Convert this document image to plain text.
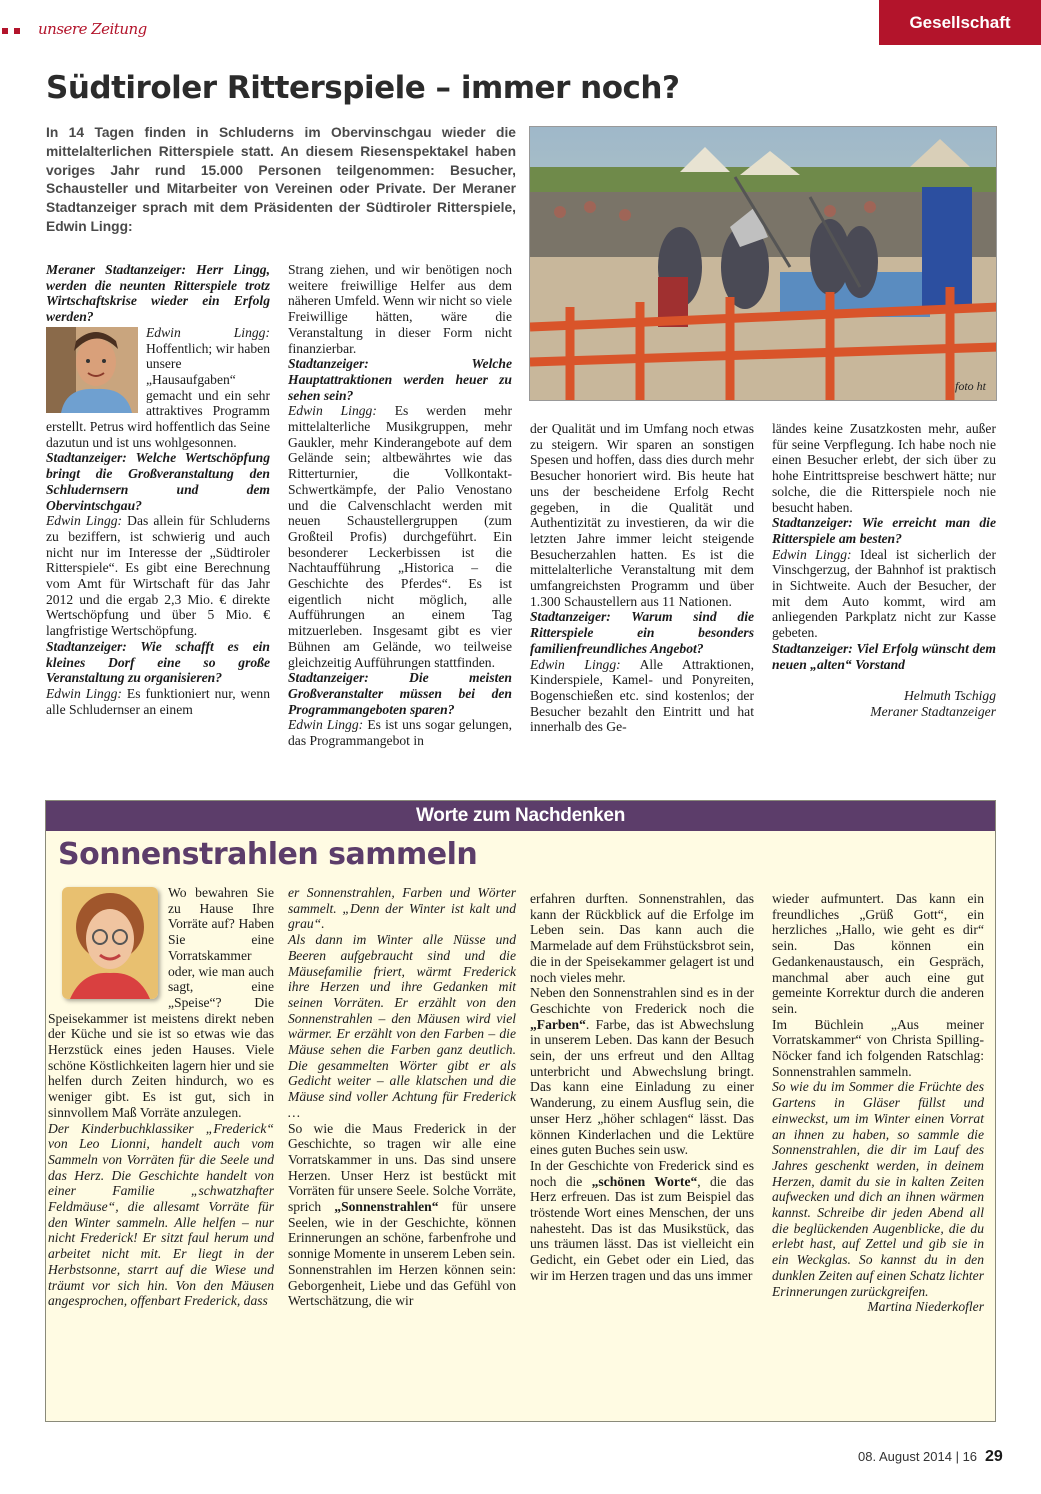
unsere Zeitung	Gesellschaft
Südtiroler Ritterspiele – immer noch?

In 14 Tagen finden in Schluderns im Obervinschgau wieder die mittelalterlichen Ritterspiele statt. An diesem Riesenspektakel haben voriges Jahr rund 15.000 Personen teilgenommen: Besucher, Schausteller und Mitarbeiter von Vereinen oder Private. Der Meraner Stadtanzeiger sprach mit dem Präsidenten der Südtiroler Ritterspiele, Edwin Lingg:

foto ht

Meraner Stadtanzeiger: Herr Lingg, werden die neunten Ritterspiele trotz Wirtschaftskrise wieder ein Erfolg werden?

Edwin Lingg: Hoffentlich; wir haben unsere „Hausaufgaben“ gemacht und ein sehr attraktives Programm erstellt. Petrus wird hoffentlich das Seine dazutun und ist uns wohlgesonnen.

Stadtanzeiger: Welche Wertschöpfung bringt die Großveranstaltung den Schludernsern und dem Obervintschgau?

Edwin Lingg: Das allein für Schluderns zu beziffern, ist schwierig und auch nicht nur im Interesse der „Südtiroler Ritterspiele“. Es gibt eine Berechnung vom Amt für Wirtschaft für das Jahr 2012 und die ergab 2,3 Mio. € direkte Wertschöpfung und über 5 Mio. € langfristige Wertschöpfung.

Stadtanzeiger: Wie schafft es ein kleines Dorf eine so große Veranstaltung zu organisieren?

Edwin Lingg: Es funktioniert nur, wenn alle Schludernser an einem

Strang ziehen, und wir benötigen noch weitere freiwillige Helfer aus dem näheren Umfeld. Wenn wir nicht so viele Freiwillige hätten, wäre die Veranstaltung in dieser Form nicht finanzierbar.

Stadtanzeiger: Welche Hauptattraktionen werden heuer zu sehen sein?

Edwin Lingg: Es werden mehr mittelalterliche Musikgruppen, mehr Gaukler, mehr Kinderangebote auf dem Gelände sein; altbewährtes wie das Ritterturnier, die Vollkontakt-Schwertkämpfe, der Palio Venostano und die Calvenschlacht werden mit neuen Schaustellergruppen (zum Großteil Profis) durchgeführt. Ein besonderer Leckerbissen ist die Nachtaufführung „Historica – die Geschichte des Pferdes“. Es ist eigentlich nicht möglich, alle Aufführungen an einem Tag mitzuerleben. Insgesamt gibt es vier Bühnen am Gelände, wo teilweise gleichzeitig Aufführungen stattfinden.

Stadtanzeiger: Die meisten Großveranstalter müssen bei den Programmangeboten sparen?

Edwin Lingg: Es ist uns sogar gelungen, das Programmangebot in

der Qualität und im Umfang noch etwas zu steigern. Wir sparen an sonstigen Spesen und hoffen, dass dies durch mehr Besucher honoriert wird. Bis heute hat uns der bescheidene Erfolg Recht gegeben, in die Qualität und Authentizität zu investieren, da wir die letzten Jahre immer leicht steigende Besucherzahlen hatten. Es ist die mittelalterliche Veranstaltung mit dem umfangreichsten Programm und über 1.300 Schaustellern aus 11 Nationen.

Stadtanzeiger: Warum sind die Ritterspiele ein besonders familienfreundliches Angebot?

Edwin Lingg: Alle Attraktionen, Kinderspiele, Kamel- und Ponyreiten, Bogenschießen etc. sind kostenlos; der Besucher bezahlt den Eintritt und hat innerhalb des Ge-

ländes keine Zusatzkosten mehr, außer für seine Verpflegung. Ich habe noch nie einen Besucher erlebt, der sich über zu hohe Eintrittspreise beschwert hätte; nur solche, die die Ritterspiele noch nie besucht haben.

Stadtanzeiger: Wie erreicht man die Ritterspiele am besten?

Edwin Lingg: Ideal ist sicherlich der Vinschgerzug, der Bahnhof ist praktisch in Sichtweite. Auch der Besucher, der mit dem Auto kommt, wird am anliegenden Parkplatz nicht zur Kasse gebeten.

Stadtanzeiger: Viel Erfolg wünscht dem neuen „alten“ Vorstand

Helmuth Tschigg

Meraner Stadtanzeiger

Worte zum Nachdenken
Sonnenstrahlen sammeln

Wo bewahren Sie zu Hause Ihre Vorräte auf? Haben Sie eine Vorratskammer oder, wie man auch sagt, eine „Speise“? Die Speisekammer ist meistens direkt neben der Küche und sie ist so etwas wie das Herzstück eines jeden Hauses. Viele schöne Köstlichkeiten lagern hier und sie helfen durch Zeiten hindurch, wo es weniger gibt. Es ist gut, sich in sinnvollem Maß Vorräte anzulegen.

Der Kinderbuchklassiker „Frederick“ von Leo Lionni, handelt auch vom Sammeln von Vorräten für die Seele und das Herz. Die Geschichte handelt von einer Familie „schwatzhafter Feldmäuse“, die allesamt Vorräte für den Winter sammeln. Alle helfen – nur nicht Frederick! Er sitzt faul herum und arbeitet nicht mit. Er liegt in der Herbstsonne, starrt auf die Wiese und träumt vor sich hin. Von den Mäusen angesprochen, offenbart Frederick, dass

er Sonnenstrahlen, Farben und Wörter sammelt. „Denn der Winter ist kalt und grau“.

Als dann im Winter alle Nüsse und Beeren aufgebraucht sind und die Mäusefamilie friert, wärmt Frederick ihre Herzen und ihre Gedanken mit seinen Vorräten. Er erzählt von den Sonnenstrahlen – den Mäusen wird viel wärmer. Er erzählt von den Farben – die Mäuse sehen die Farben ganz deutlich. Die gesammelten Wörter gibt er als Gedicht weiter – alle klatschen und die Mäuse sind voller Achtung für Frederick …

So wie die Maus Frederick in der Geschichte, so tragen wir alle eine Vorratskammer in uns. Das sind unsere Herzen. Unser Herz ist bestückt mit Vorräten für unsere Seele. Solche Vorräte, sprich „Sonnenstrahlen“ für unsere Seelen, wie in der Geschichte, können Erinnerungen an schöne, farbenfrohe und sonnige Momente in unserem Leben sein.

Sonnenstrahlen im Herzen können sein: Geborgenheit, Liebe und das Gefühl von Wertschätzung, die wir

erfahren durften. Sonnenstrahlen, das kann der Rückblick auf die Erfolge im Leben sein. Das kann auch die Marmelade auf dem Frühstücksbrot sein, die in der Speisekammer gelagert ist und noch vieles mehr.

Neben den Sonnenstrahlen sind es in der Geschichte von Frederick noch die „Farben“. Farbe, das ist Abwechslung in unserem Leben. Das kann der Besuch sein, der uns erfreut und den Alltag unterbricht und Abwechslung bringt. Das kann eine Einladung zu einer Wanderung, zu einem Ausflug sein, die unser Herz „höher schlagen“ lässt. Das können Kinderlachen und die Lektüre eines guten Buches sein usw.

In der Geschichte von Frederick sind es noch die „schönen Worte“, die das Herz erfreuen. Das ist zum Beispiel das tröstende Wort eines Menschen, der uns nahesteht. Das ist das Musikstück, das uns träumen lässt. Das ist vielleicht ein Gedicht, ein Gebet oder ein Lied, das wir im Herzen tragen und das uns immer

wieder aufmuntert. Das kann ein freundliches „Grüß Gott“, ein herzliches „Hallo, wie geht es dir“ sein. Das können ein Gedankenaustausch, ein Gespräch, manchmal aber auch eine gut gemeinte Korrektur durch die anderen sein.

Im Büchlein „Aus meiner Vorratskammer“ von Christa Spilling-Nöcker fand ich folgenden Ratschlag: Sonnenstrahlen sammeln.

So wie du im Sommer die Früchte des Gartens in Gläser füllst und einweckst, um im Winter einen Vorrat an ihnen zu haben, so sammle die Sonnenstrahlen, die dir im Lauf des Jahres geschenkt werden, in deinem Herzen, damit du sie in kalten Zeiten aufwecken und dich an ihnen wärmen kannst. Schreibe dir jeden Abend all die beglückenden Augenblicke, die du erlebt hast, auf Zettel und gib sie in ein Weckglas. So kannst du in den dunklen Zeiten auf einen Schatz lichter Erinnerungen zurückgreifen.

Martina Niederkofler

08. August 2014 | 16 29
